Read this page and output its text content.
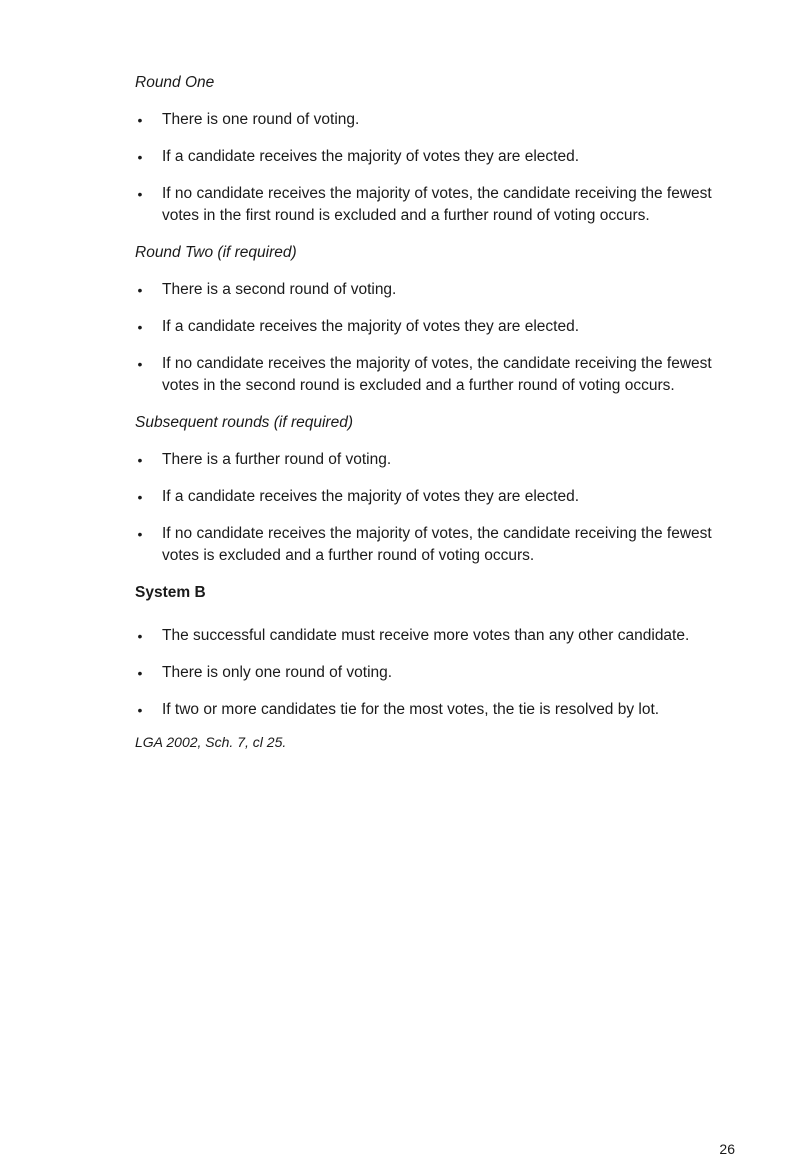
Round One
• There is one round of voting.
• If a candidate receives the majority of votes they are elected.
• If no candidate receives the majority of votes, the candidate receiving the fewest votes in the first round is excluded and a further round of voting occurs.
Round Two (if required)
• There is a second round of voting.
• If a candidate receives the majority of votes they are elected.
• If no candidate receives the majority of votes, the candidate receiving the fewest votes in the second round is excluded and a further round of voting occurs.
Subsequent rounds (if required)
• There is a further round of voting.
• If a candidate receives the majority of votes they are elected.
• If no candidate receives the majority of votes, the candidate receiving the fewest votes is excluded and a further round of voting occurs.
System B
• The successful candidate must receive more votes than any other candidate.
• There is only one round of voting.
• If two or more candidates tie for the most votes, the tie is resolved by lot.
LGA 2002, Sch. 7, cl 25.
26
